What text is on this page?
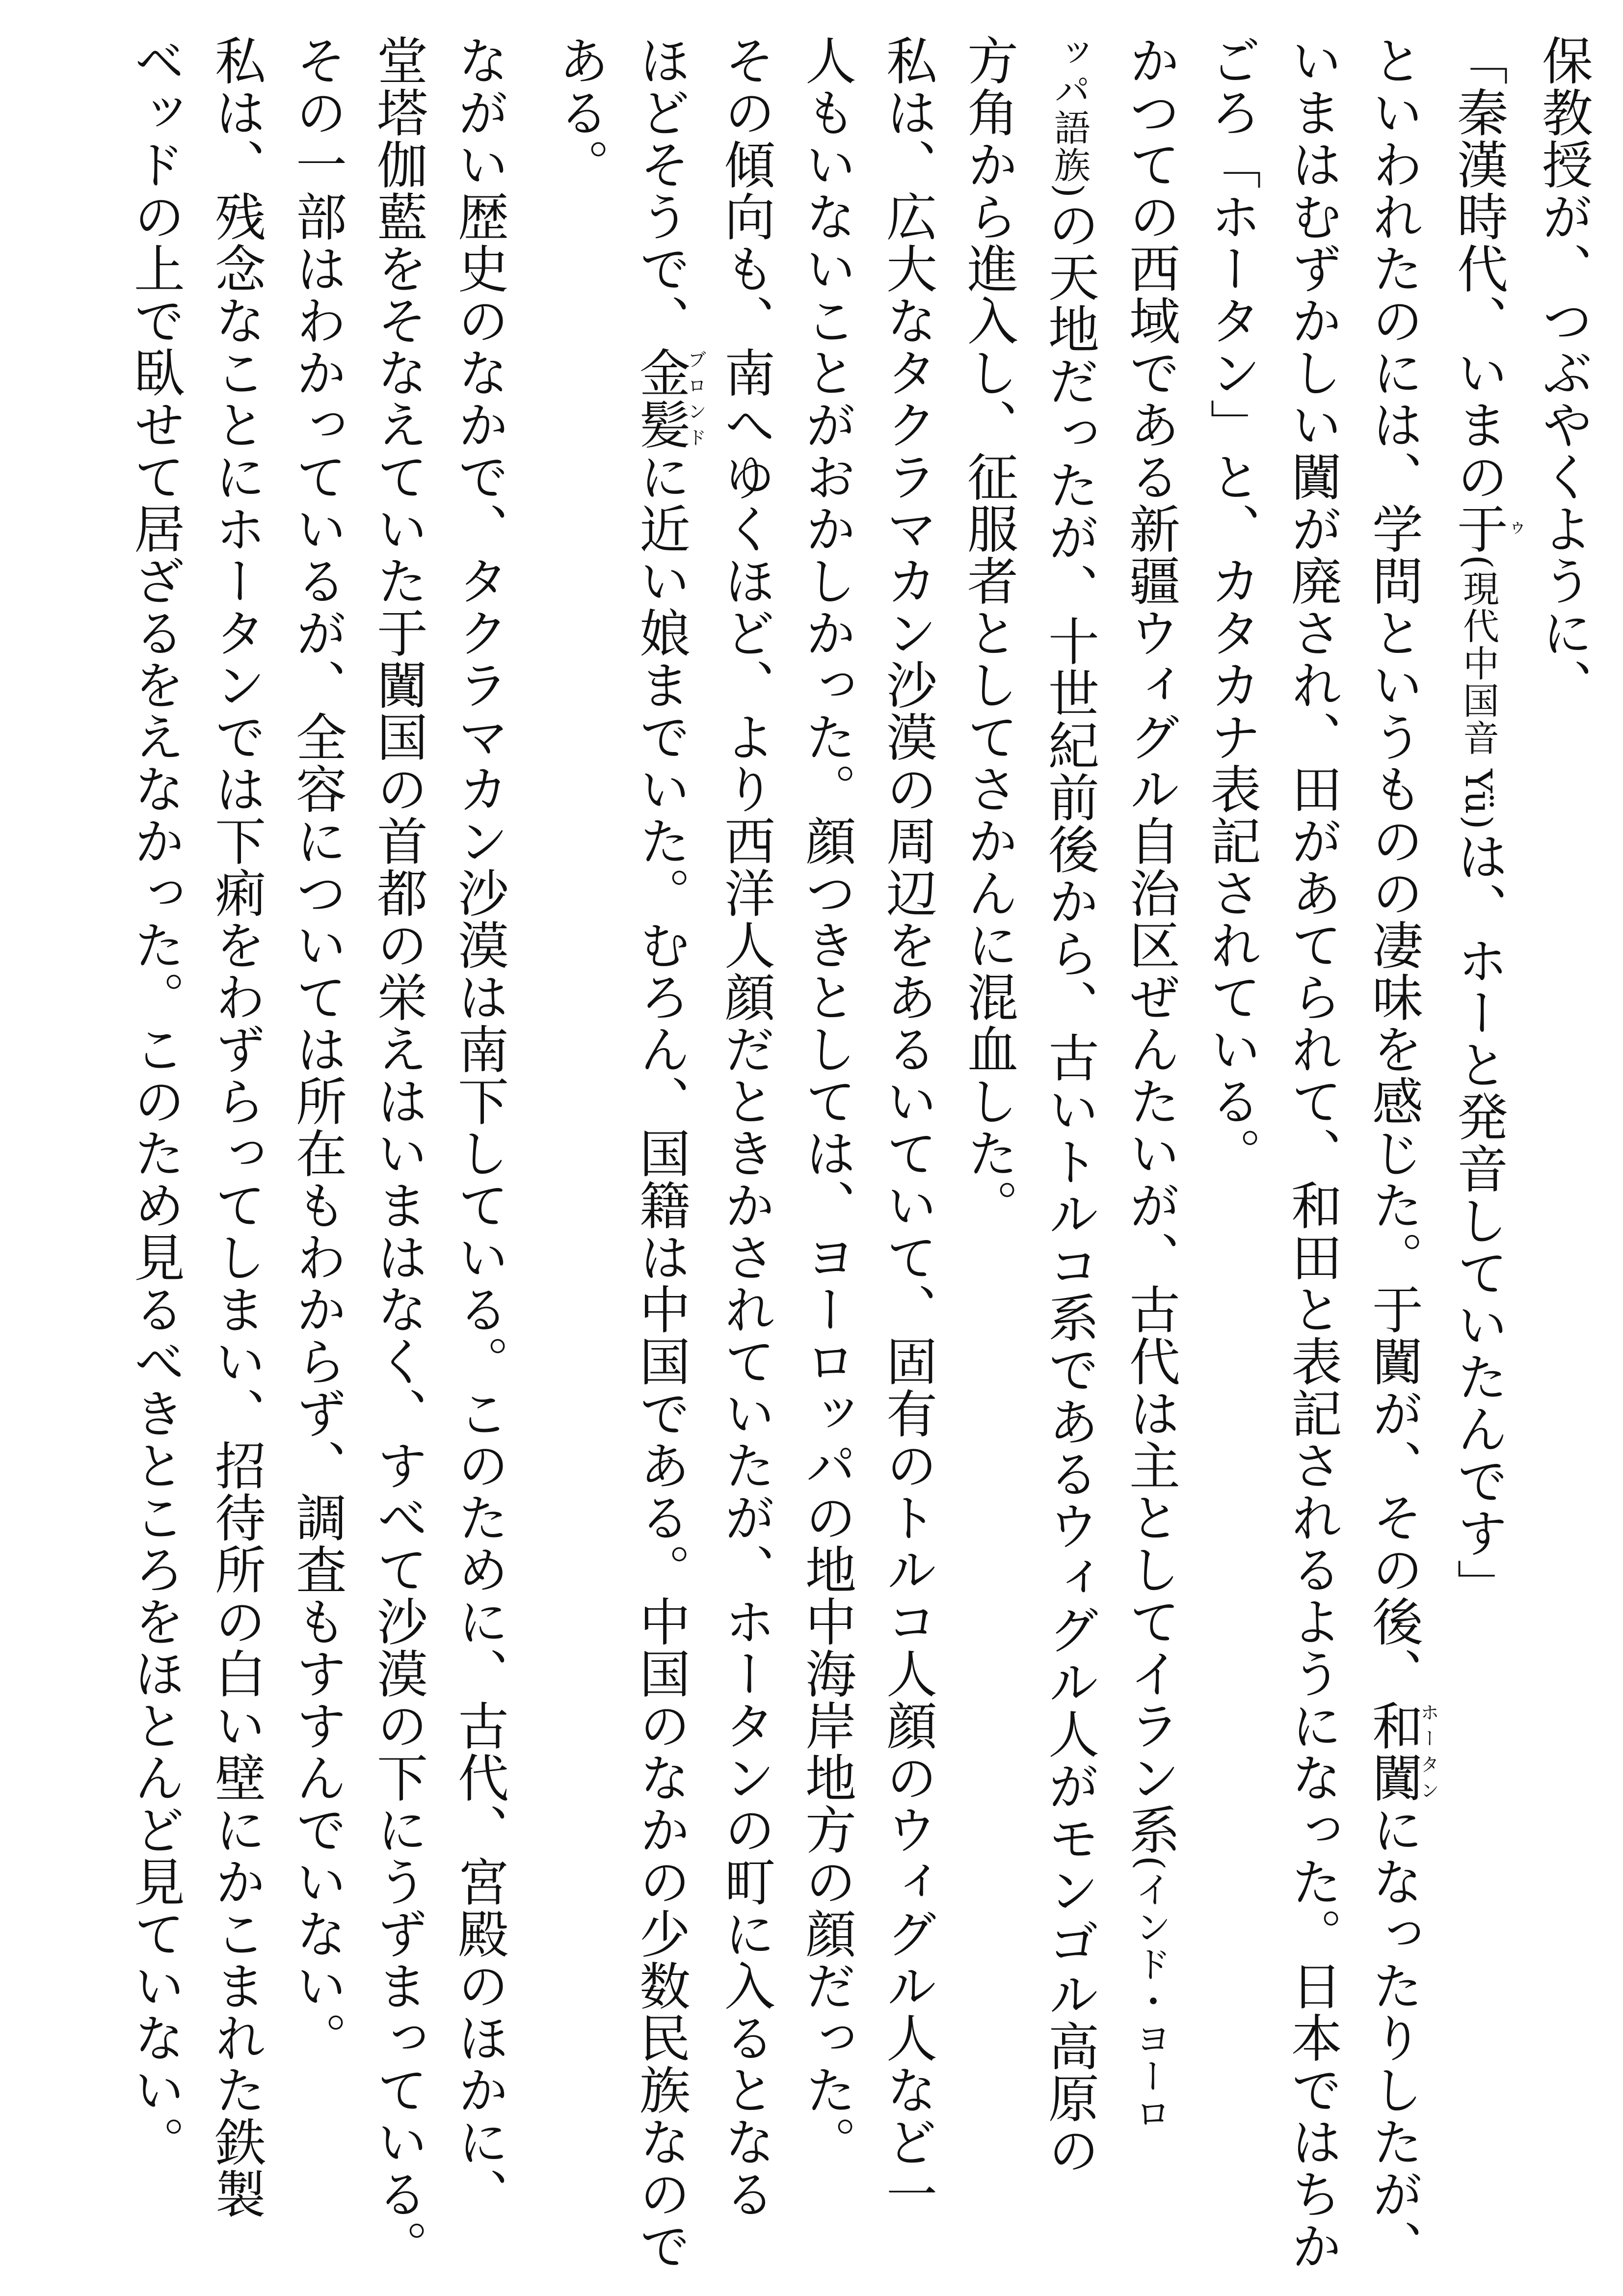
保教授が、つぶやくように、
「秦漢時代、いまの于ゥ(現代中国音 Yü)は、ホーと発音していたんです」
といわれたのには、学問というものの凄味を感じた。于闐が、その後、和闐ホータンになったりしたが、
いまはむずかしい闐が廃され、田があてられて、和田と表記されるようになった。日本ではちか
ごろ「ホータン」と、カタカナ表記されている。
かつての西域である新疆ウィグル自治区ぜんたいが、古代は主としてイラン系(インド・ヨーロ
ッパ語族)の天地だったが、十世紀前後から、古いトルコ系であるウィグル人がモンゴル高原の
方角から進入し、征服者としてさかんに混血した。
私は、広大なタクラマカン沙漠の周辺をあるいていて、固有のトルコ人顔のウィグル人など一
人もいないことがおかしかった。顔つきとしては、ヨーロッパの地中海岸地方の顔だった。
その傾向も、南へゆくほど、より西洋人顔だときかされていたが、ホータンの町に入るとなる
ほどそうで、金髪ブロンドに近い娘までいた。むろん、国籍は中国である。中国のなかの少数民族なので
ある。
ながい歴史のなかで、タクラマカン沙漠は南下している。このために、古代、宮殿のほかに、
堂塔伽藍をそなえていた于闐国の首都の栄えはいまはなく、すべて沙漠の下にうずまっている。
その一部はわかっているが、全容については所在もわからず、調査もすすんでいない。
私は、残念なことにホータンでは下痢をわずらってしまい、招待所の白い壁にかこまれた鉄製
ベッドの上で臥せて居ざるをえなかった。このため見るべきところをほとんど見ていない。
